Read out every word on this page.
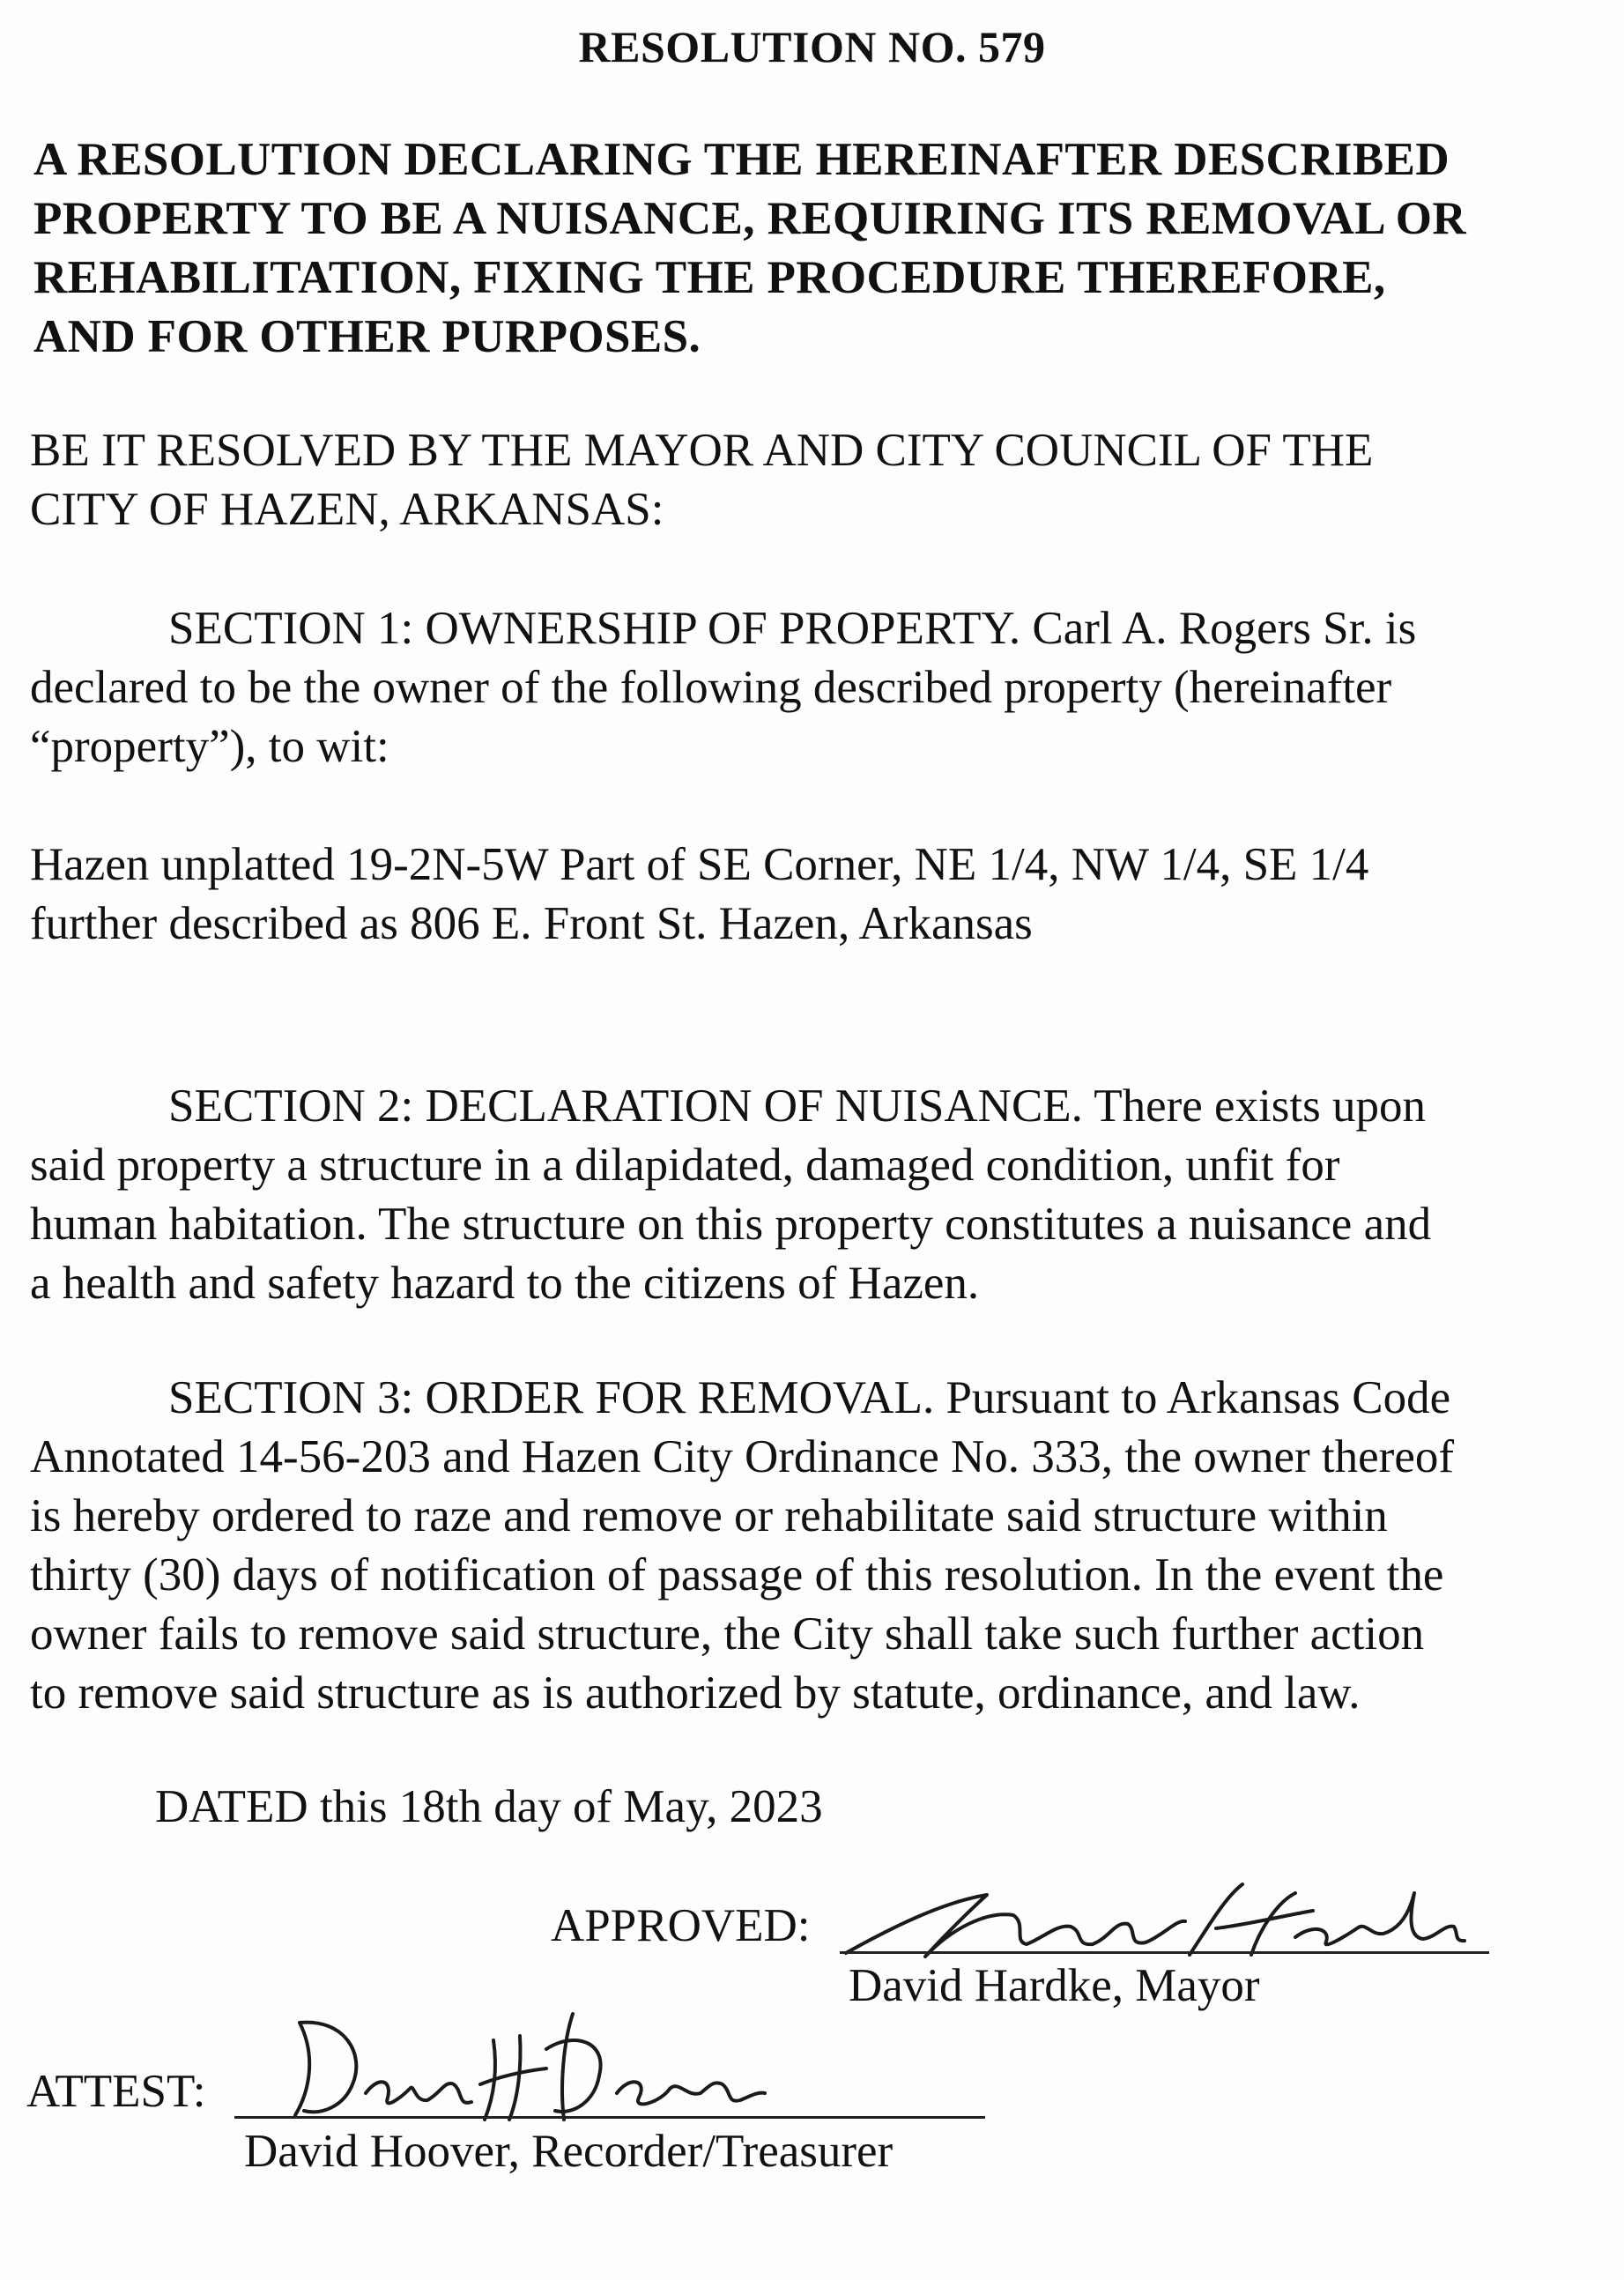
RESOLUTION NO. 579
A RESOLUTION DECLARING THE HEREINAFTER DESCRIBED
PROPERTY TO BE A NUISANCE, REQUIRING ITS REMOVAL OR
REHABILITATION, FIXING THE PROCEDURE THEREFORE,
AND FOR OTHER PURPOSES.
BE IT RESOLVED BY THE MAYOR AND CITY COUNCIL OF THE
CITY OF HAZEN, ARKANSAS:
SECTION 1: OWNERSHIP OF PROPERTY. Carl A. Rogers Sr. is
declared to be the owner of the following described property (hereinafter
“property”), to wit:
Hazen unplatted 19-2N-5W Part of SE Corner, NE 1/4, NW 1/4, SE 1/4
further described as 806 E. Front St. Hazen, Arkansas
SECTION 2: DECLARATION OF NUISANCE. There exists upon
said property a structure in a dilapidated, damaged condition, unfit for
human habitation. The structure on this property constitutes a nuisance and
a health and safety hazard to the citizens of Hazen.
SECTION 3: ORDER FOR REMOVAL. Pursuant to Arkansas Code
Annotated 14-56-203 and Hazen City Ordinance No. 333, the owner thereof
is hereby ordered to raze and remove or rehabilitate said structure within
thirty (30) days of notification of passage of this resolution. In the event the
owner fails to remove said structure, the City shall take such further action
to remove said structure as is authorized by statute, ordinance, and law.
DATED this 18th day of May, 2023
APPROVED:
David Hardke, Mayor
ATTEST:
David Hoover, Recorder/Treasurer
